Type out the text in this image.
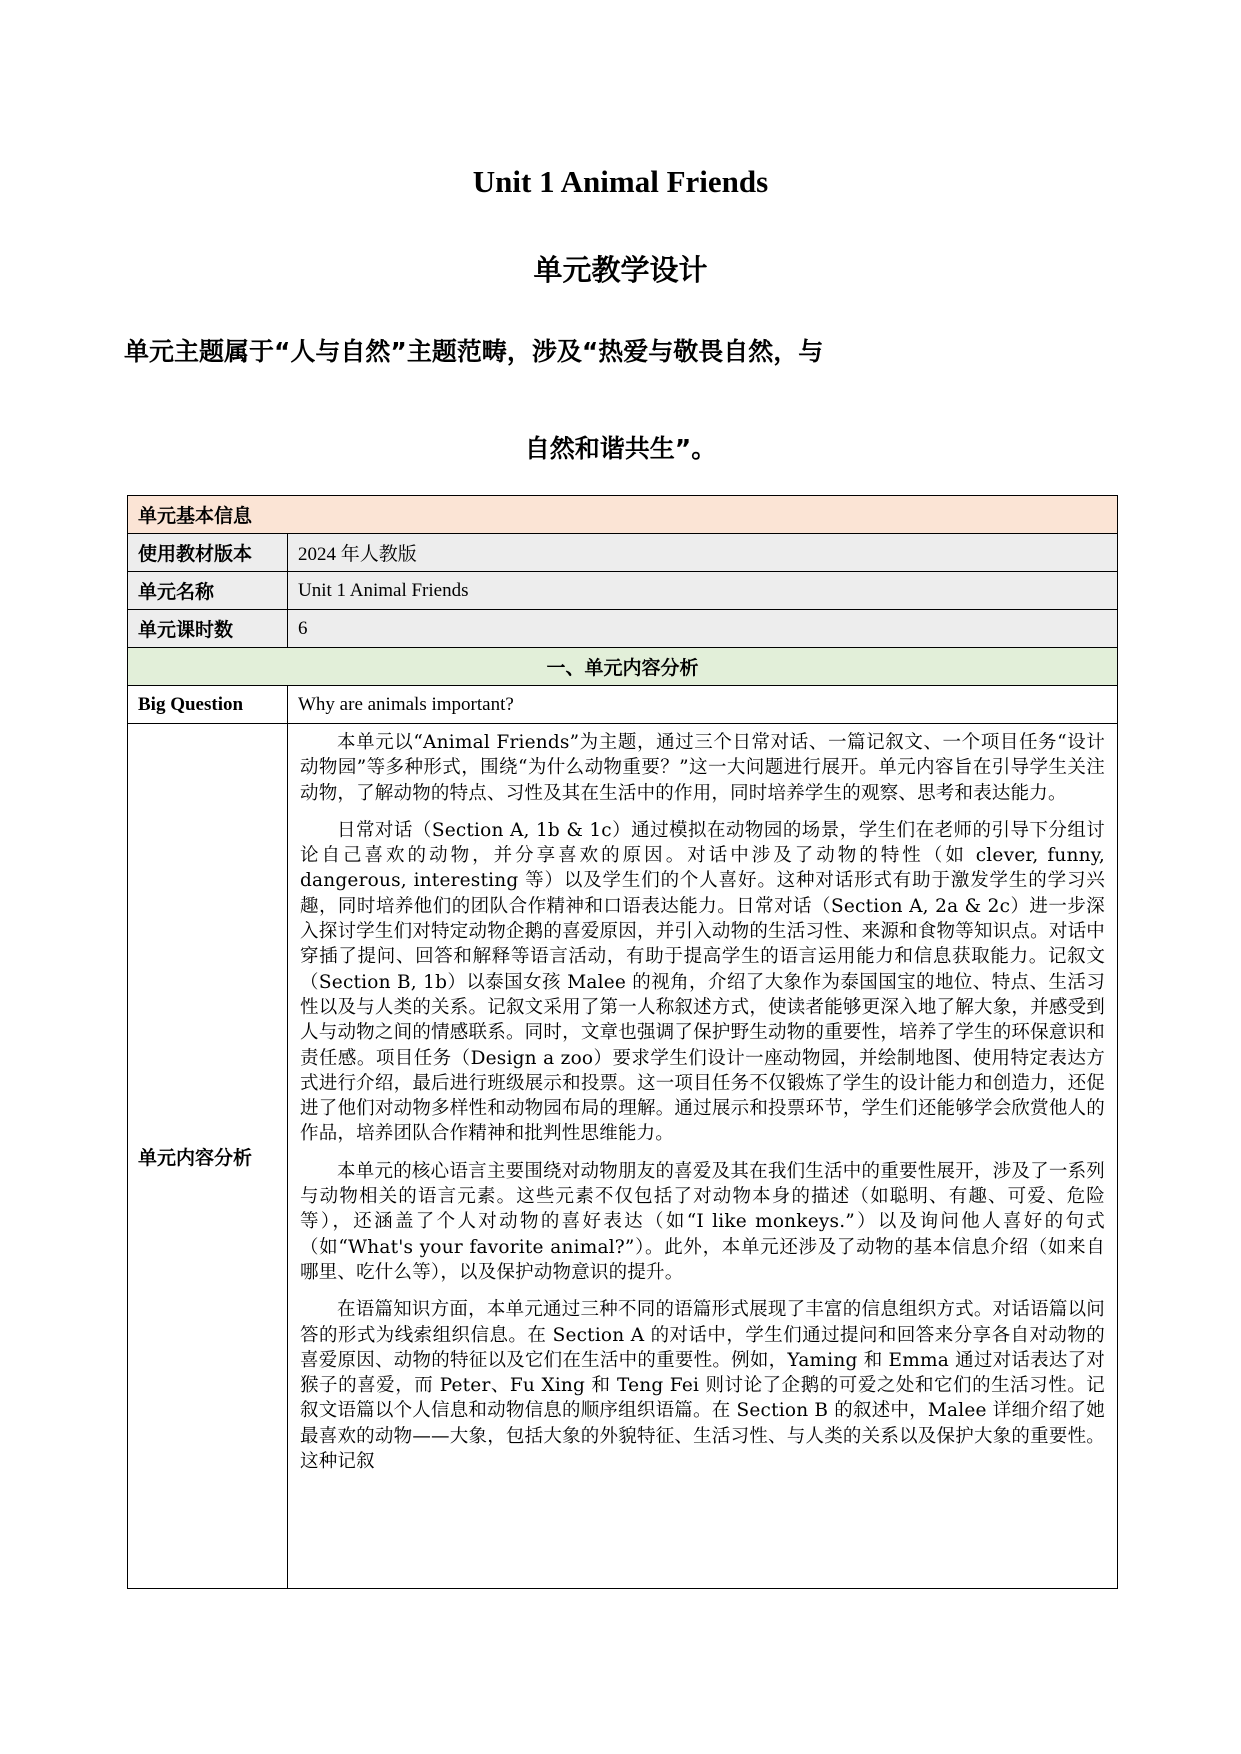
Unit 1 Animal Friends
单元教学设计
单元主题属于“人与自然”主题范畴，涉及“热爱与敬畏自然，与
自然和谐共生”。
单元基本信息	
使用教材版本	2024 年人教版
单元名称	Unit 1 Animal Friends
单元课时数	6
一、单元内容分析	
Big Question	Why are animals important?
单元内容分析	本单元以“Animal Friends”为主题，通过三个日常对话、一篇记叙文、一个项目任务“设计动物园”等多种形式，围绕“为什么动物重要？”这一大问题进行展开。单元内容旨在引导学生关注动物，了解动物的特点、习性及其在生活中的作用，同时培养学生的观察、思考和表达能力。

日常对话（Section A, 1b & 1c）通过模拟在动物园的场景，学生们在老师的引导下分组讨论自己喜欢的动物，并分享喜欢的原因。对话中涉及了动物的特性（如 clever, funny, dangerous, interesting 等）以及学生们的个人喜好。这种对话形式有助于激发学生的学习兴趣，同时培养他们的团队合作精神和口语表达能力。日常对话（Section A, 2a & 2c）进一步深入探讨学生们对特定动物企鹅的喜爱原因，并引入动物的生活习性、来源和食物等知识点。对话中穿插了提问、回答和解释等语言活动，有助于提高学生的语言运用能力和信息获取能力。记叙文（Section B, 1b）以泰国女孩 Malee 的视角，介绍了大象作为泰国国宝的地位、特点、生活习性以及与人类的关系。记叙文采用了第一人称叙述方式，使读者能够更深入地了解大象，并感受到人与动物之间的情感联系。同时，文章也强调了保护野生动物的重要性，培养了学生的环保意识和责任感。项目任务（Design a zoo）要求学生们设计一座动物园，并绘制地图、使用特定表达方式进行介绍，最后进行班级展示和投票。这一项目任务不仅锻炼了学生的设计能力和创造力，还促进了他们对动物多样性和动物园布局的理解。通过展示和投票环节，学生们还能够学会欣赏他人的作品，培养团队合作精神和批判性思维能力。

本单元的核心语言主要围绕对动物朋友的喜爱及其在我们生活中的重要性展开，涉及了一系列与动物相关的语言元素。这些元素不仅包括了对动物本身的描述（如聪明、有趣、可爱、危险等），还涵盖了个人对动物的喜好表达（如“I like monkeys.”）以及询问他人喜好的句式（如“What's your favorite animal?”）。此外，本单元还涉及了动物的基本信息介绍（如来自哪里、吃什么等），以及保护动物意识的提升。

在语篇知识方面，本单元通过三种不同的语篇形式展现了丰富的信息组织方式。对话语篇以问答的形式为线索组织信息。在 Section A 的对话中，学生们通过提问和回答来分享各自对动物的喜爱原因、动物的特征以及它们在生活中的重要性。例如，Yaming 和 Emma 通过对话表达了对猴子的喜爱，而 Peter、Fu Xing 和 Teng Fei 则讨论了企鹅的可爱之处和它们的生活习性。记叙文语篇以个人信息和动物信息的顺序组织语篇。在 Section B 的叙述中，Malee 详细介绍了她最喜欢的动物——大象，包括大象的外貌特征、生活习性、与人类的关系以及保护大象的重要性。这种记叙
